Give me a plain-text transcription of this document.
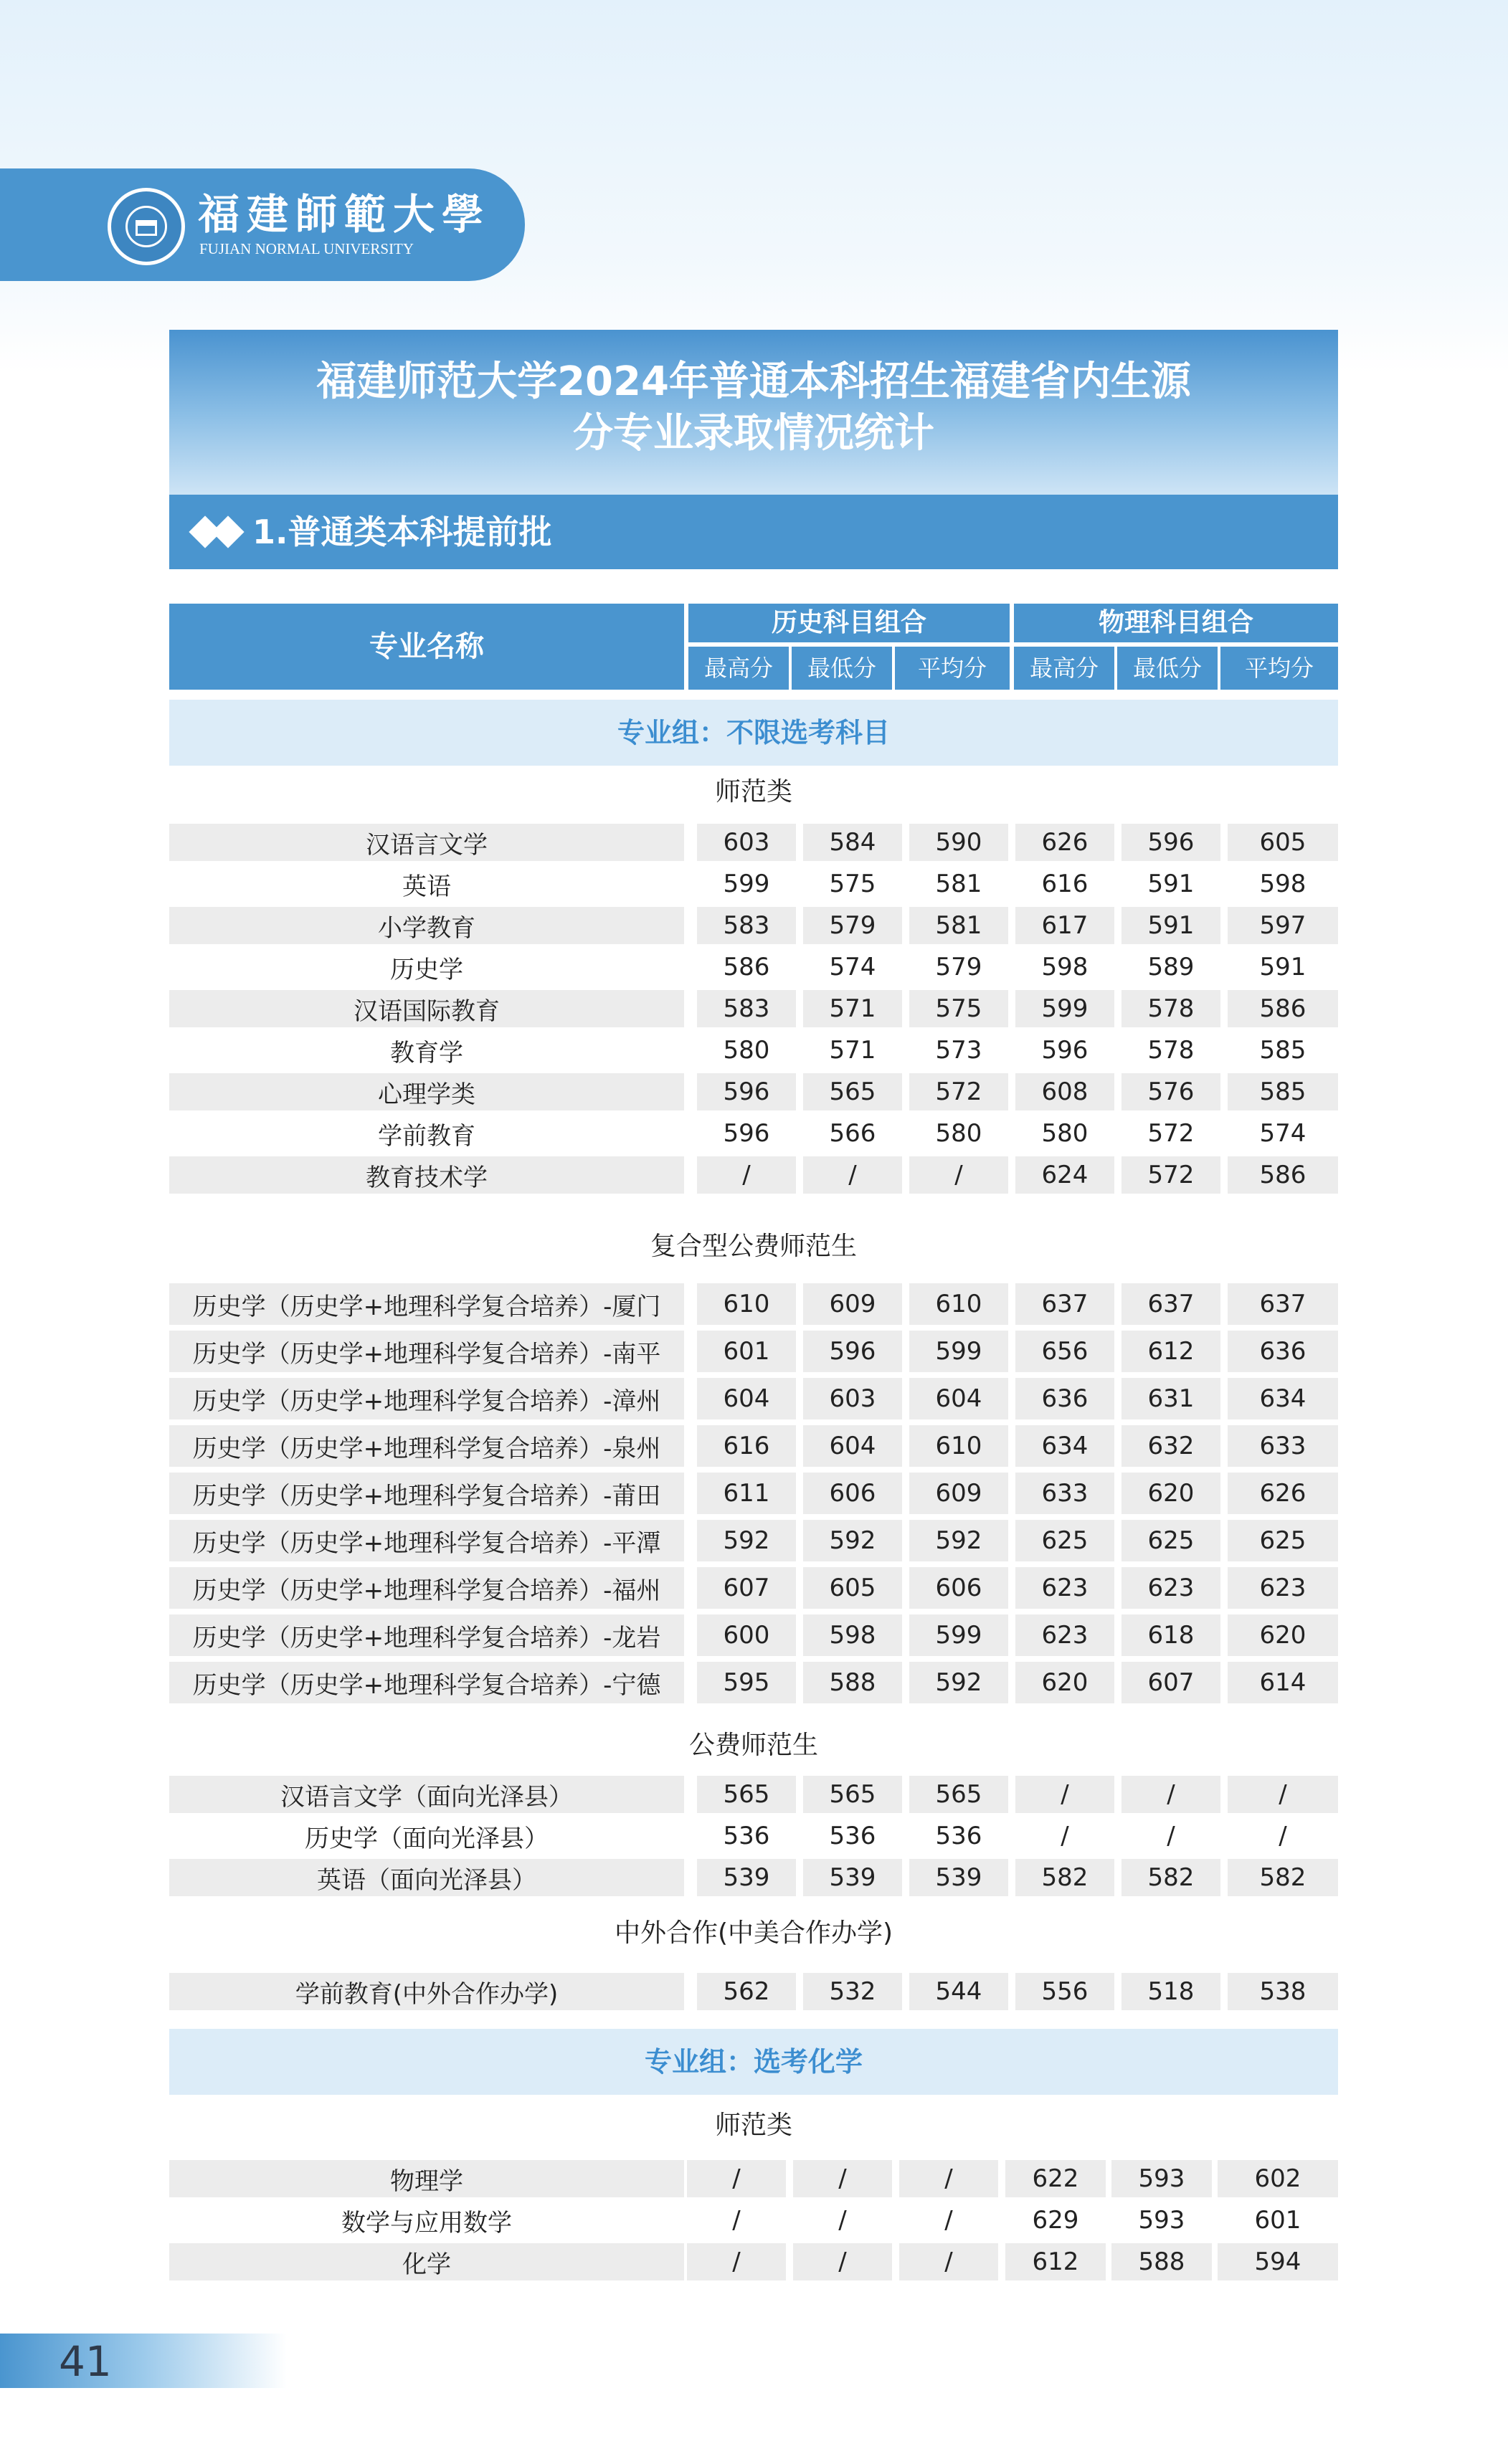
福建師範大學
FUJIAN NORMAL UNIVERSITY
福建师范大学2024年普通本科招生福建省内生源
分专业录取情况统计
1.普通类本科提前批
专业名称
历史科目组合	物理科目组合
最高分	最低分	平均分	最高分	最低分	平均分
专业组：不限选考科目
师范类
汉语言文学	603	584	590	626	596	605
英语	599	575	581	616	591	598
小学教育	583	579	581	617	591	597
历史学	586	574	579	598	589	591
汉语国际教育	583	571	575	599	578	586
教育学	580	571	573	596	578	585
心理学类	596	565	572	608	576	585
学前教育	596	566	580	580	572	574
教育技术学	/	/	/	624	572	586
复合型公费师范生
历史学（历史学+地理科学复合培养）-厦门	610	609	610	637	637	637
历史学（历史学+地理科学复合培养）-南平	601	596	599	656	612	636
历史学（历史学+地理科学复合培养）-漳州	604	603	604	636	631	634
历史学（历史学+地理科学复合培养）-泉州	616	604	610	634	632	633
历史学（历史学+地理科学复合培养）-莆田	611	606	609	633	620	626
历史学（历史学+地理科学复合培养）-平潭	592	592	592	625	625	625
历史学（历史学+地理科学复合培养）-福州	607	605	606	623	623	623
历史学（历史学+地理科学复合培养）-龙岩	600	598	599	623	618	620
历史学（历史学+地理科学复合培养）-宁德	595	588	592	620	607	614
公费师范生
汉语言文学（面向光泽县）	565	565	565	/	/	/
历史学（面向光泽县）	536	536	536	/	/	/
英语（面向光泽县）	539	539	539	582	582	582
中外合作(中美合作办学)
学前教育(中外合作办学)	562	532	544	556	518	538
专业组：选考化学
师范类
物理学	/	/	/	622	593	602
数学与应用数学	/	/	/	629	593	601
化学	/	/	/	612	588	594
41
